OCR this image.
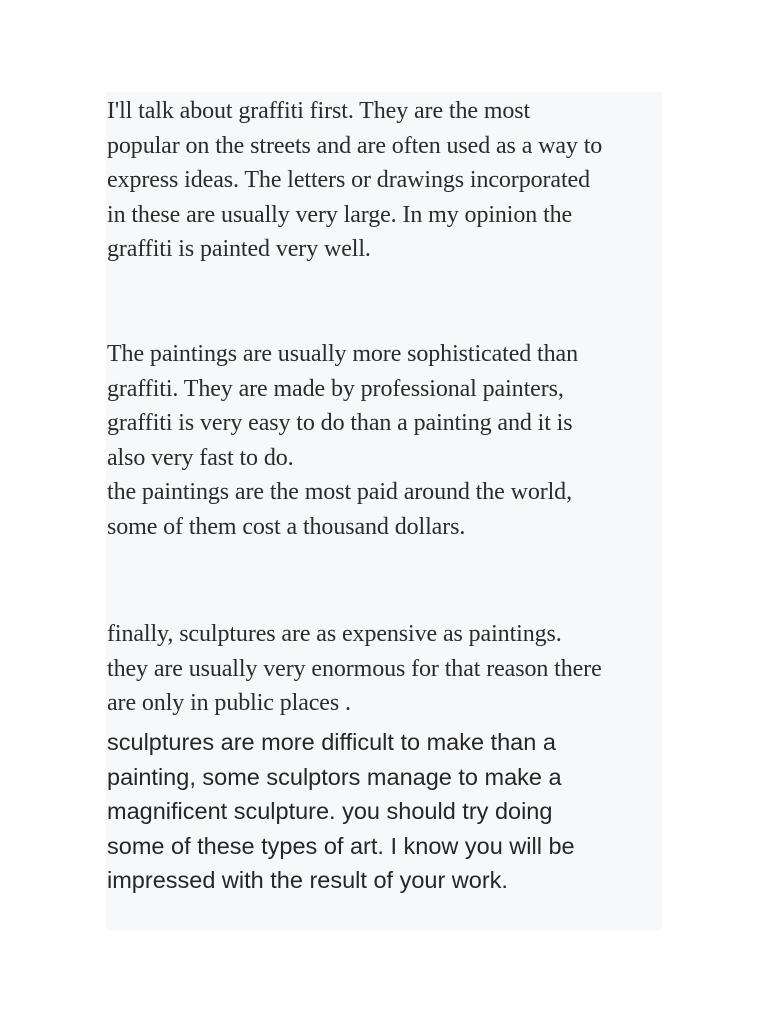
I'll talk about graffiti first. They are the most
popular on the streets and are often used as a way to
express ideas. The letters or drawings incorporated
in these are usually very large. In my opinion the
graffiti is painted very well.

The paintings are usually more sophisticated than
graffiti. They are made by professional painters,
graffiti is very easy to do than a painting and it is
also very fast to do.
the paintings are the most paid around the world,
some of them cost a thousand dollars.

finally, sculptures are as expensive as paintings.
they are usually very enormous for that reason there
are only in public places .

sculptures are more difficult to make than a
painting, some sculptors manage to make a
magnificent sculpture. you should try doing
some of these types of art. I know you will be
impressed with the result of your work.
